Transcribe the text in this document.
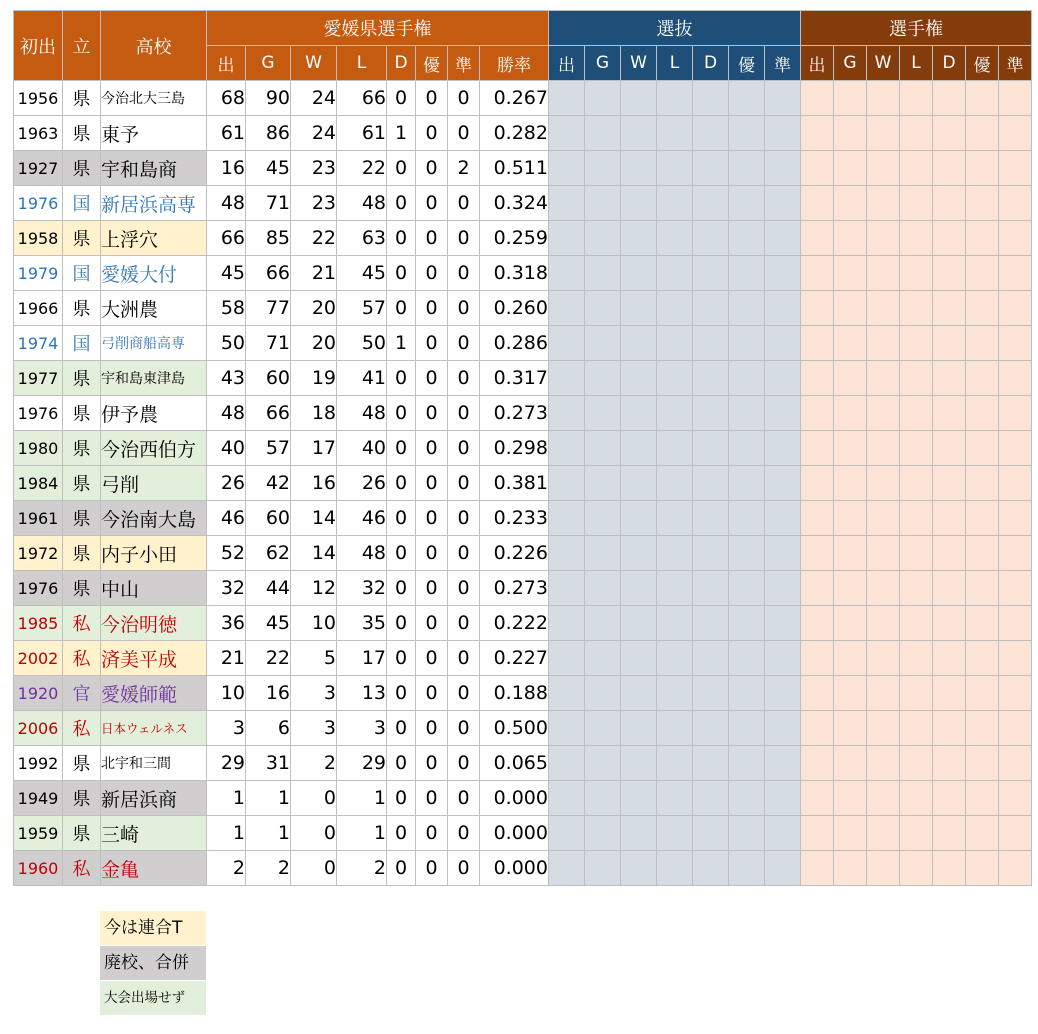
初出	立	高校	愛媛県選手権								選抜							選手権						
			出	G	W	L	D	優	準	勝率	出	G	W	L	D	優	準	出	G	W	L	D	優	準
1956	県	今治北大三島	68	90	24	66	0	0	0	0.267														
1963	県	東予	61	86	24	61	1	0	0	0.282														
1927	県	宇和島商	16	45	23	22	0	0	2	0.511														
1976	国	新居浜高専	48	71	23	48	0	0	0	0.324														
1958	県	上浮穴	66	85	22	63	0	0	0	0.259														
1979	国	愛媛大付	45	66	21	45	0	0	0	0.318														
1966	県	大洲農	58	77	20	57	0	0	0	0.260														
1974	国	弓削商船高専	50	71	20	50	1	0	0	0.286														
1977	県	宇和島東津島	43	60	19	41	0	0	0	0.317														
1976	県	伊予農	48	66	18	48	0	0	0	0.273														
1980	県	今治西伯方	40	57	17	40	0	0	0	0.298														
1984	県	弓削	26	42	16	26	0	0	0	0.381														
1961	県	今治南大島	46	60	14	46	0	0	0	0.233														
1972	県	内子小田	52	62	14	48	0	0	0	0.226														
1976	県	中山	32	44	12	32	0	0	0	0.273														
1985	私	今治明徳	36	45	10	35	0	0	0	0.222														
2002	私	済美平成	21	22	5	17	0	0	0	0.227														
1920	官	愛媛師範	10	16	3	13	0	0	0	0.188														
2006	私	日本ウェルネス	3	6	3	3	0	0	0	0.500														
1992	県	北宇和三間	29	31	2	29	0	0	0	0.065														
1949	県	新居浜商	1	1	0	1	0	0	0	0.000														
1959	県	三崎	1	1	0	1	0	0	0	0.000														
1960	私	金亀	2	2	0	2	0	0	0	0.000														
今は連合T
廃校、合併
大会出場せず
